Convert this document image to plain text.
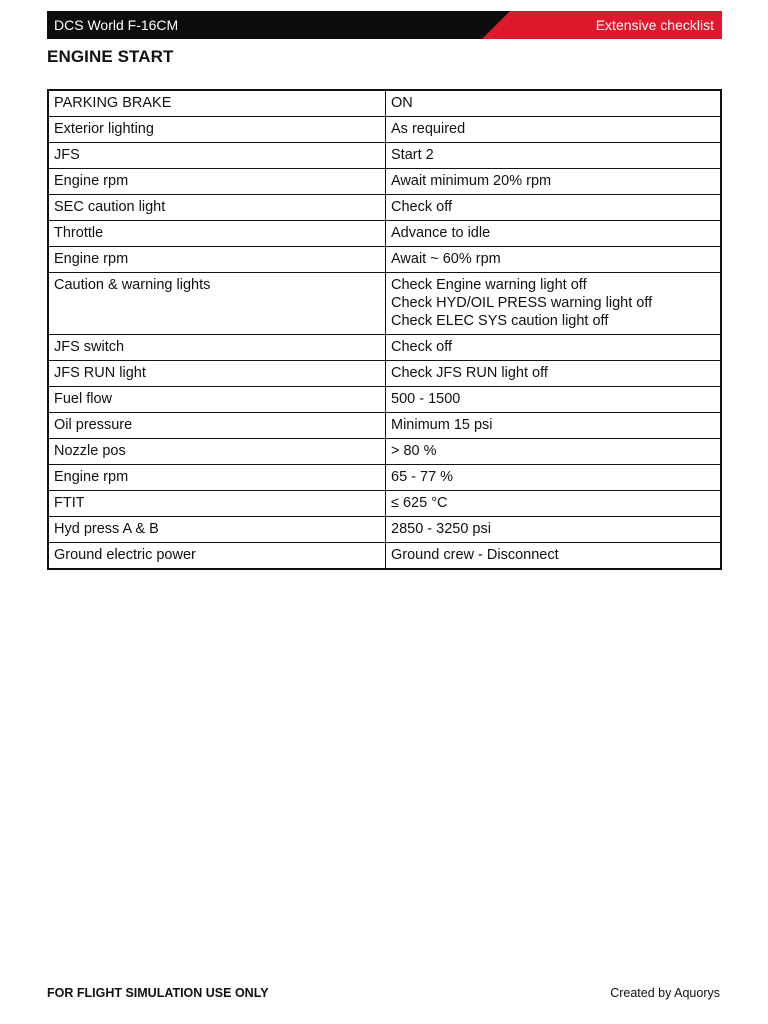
DCS World F-16CM	Extensive checklist
ENGINE START
PARKING BRAKE	ON

Exterior lighting	As required

JFS	Start 2

Engine rpm	Await minimum 20% rpm

SEC caution light	Check off

Throttle	Advance to idle

Engine rpm	Await ~ 60% rpm

Caution & warning lights	Check Engine warning light off
Check HYD/OIL PRESS warning light off
Check ELEC SYS caution light off

JFS switch	Check off

JFS RUN light	Check JFS RUN light off

Fuel flow	500 - 1500

Oil pressure	Minimum 15 psi

Nozzle pos	> 80 %

Engine rpm	65 - 77 %

FTIT	≤ 625 °C

Hyd press A & B	2850 - 3250 psi

Ground electric power	Ground crew - Disconnect
FOR FLIGHT SIMULATION USE ONLY	Created by Aquorys
